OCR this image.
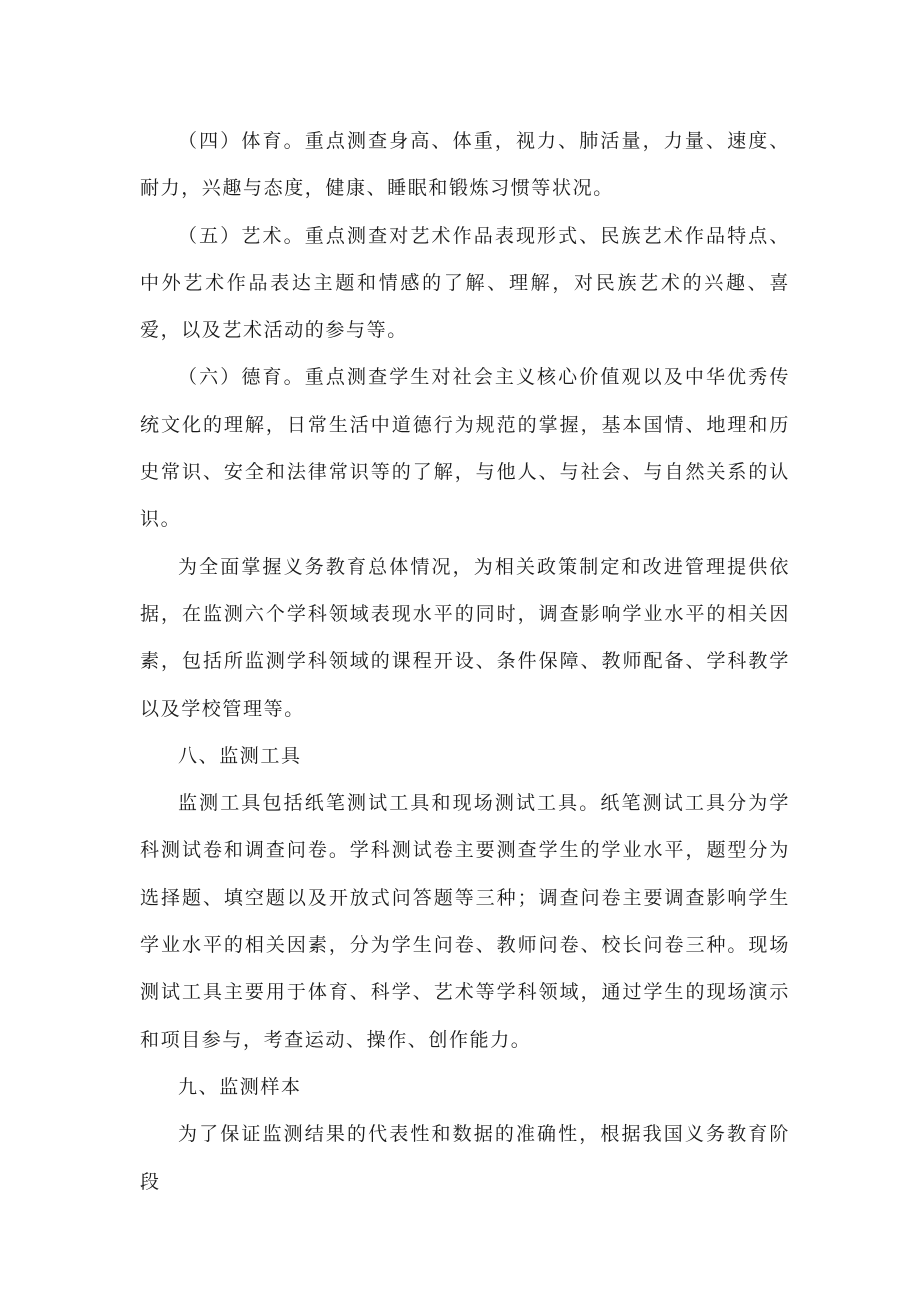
（四）体育。重点测查身高、体重，视力、肺活量，力量、速度、耐力，兴趣与态度，健康、睡眠和锻炼习惯等状况。

（五）艺术。重点测查对艺术作品表现形式、民族艺术作品特点、中外艺术作品表达主题和情感的了解、理解，对民族艺术的兴趣、喜爱，以及艺术活动的参与等。

（六）德育。重点测查学生对社会主义核心价值观以及中华优秀传统文化的理解，日常生活中道德行为规范的掌握，基本国情、地理和历史常识、安全和法律常识等的了解，与他人、与社会、与自然关系的认识。

为全面掌握义务教育总体情况，为相关政策制定和改进管理提供依据，在监测六个学科领域表现水平的同时，调查影响学业水平的相关因素，包括所监测学科领域的课程开设、条件保障、教师配备、学科教学以及学校管理等。

八、监测工具

监测工具包括纸笔测试工具和现场测试工具。纸笔测试工具分为学科测试卷和调查问卷。学科测试卷主要测查学生的学业水平，题型分为选择题、填空题以及开放式问答题等三种；调查问卷主要调查影响学生学业水平的相关因素，分为学生问卷、教师问卷、校长问卷三种。现场测试工具主要用于体育、科学、艺术等学科领域，通过学生的现场演示和项目参与，考查运动、操作、创作能力。

九、监测样本

为了保证监测结果的代表性和数据的准确性，根据我国义务教育阶段
